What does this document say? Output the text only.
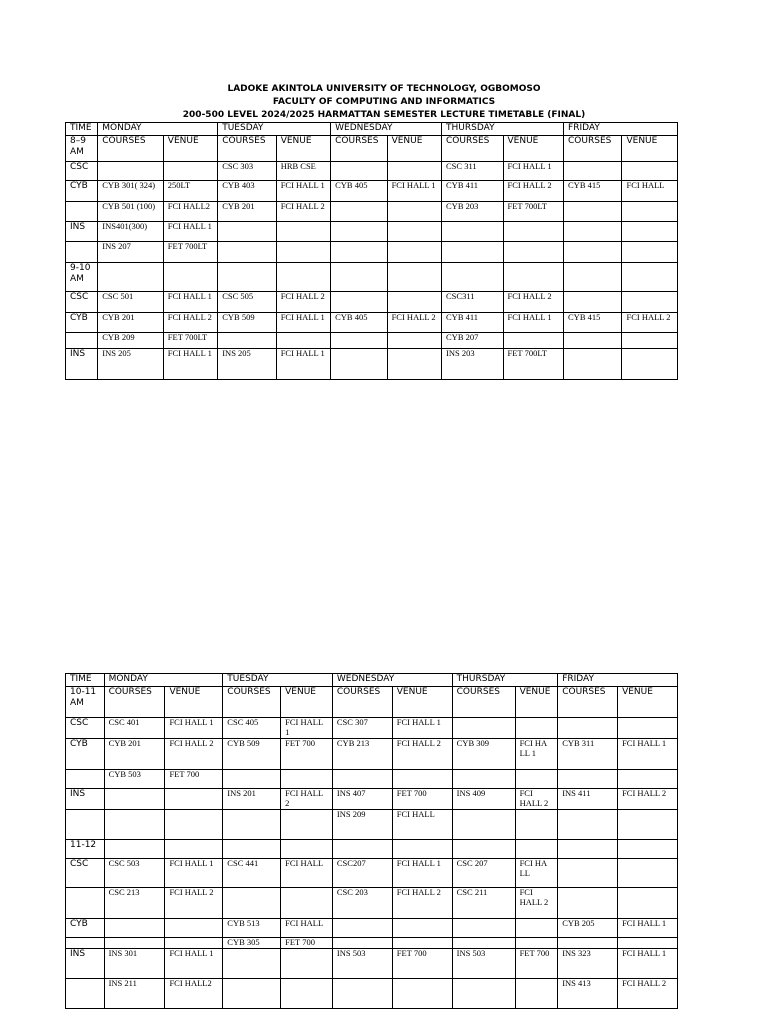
LADOKE AKINTOLA UNIVERSITY OF TECHNOLOGY, OGBOMOSO
FACULTY OF COMPUTING AND INFORMATICS
200-500 LEVEL 2024/2025 HARMATTAN SEMESTER LECTURE TIMETABLE (FINAL)
TIME	MONDAY		TUESDAY		WEDNESDAY		THURSDAY		FRIDAY	
8–9 AM	COURSES	VENUE	COURSES	VENUE	COURSES	VENUE	COURSES	VENUE	COURSES	VENUE
CSC			CSC 303	HRB CSE			CSC 311	FCI HALL 1		
CYB	CYB 301( 324)	250LT	CYB 403	FCI HALL 1	CYB 405	FCI HALL 1	CYB 411	FCI HALL 2	CYB 415	FCI HALL
	CYB 501 (100)	FCI HALL2	CYB 201	FCI HALL 2			CYB 203	FET 700LT		
INS	INS401(300)	FCI HALL 1								
	INS 207	FET 700LT								
9-10 AM										
CSC	CSC 501	FCI HALL 1	CSC 505	FCI HALL 2			CSC311	FCI HALL 2		
CYB	CYB 201	FCI HALL 2	CYB 509	FCI HALL 1	CYB 405	FCI HALL 2	CYB 411	FCI HALL 1	CYB 415	FCI HALL 2
	CYB 209	FET 700LT					CYB 207			
INS	INS 205	FCI HALL 1	INS 205	FCI HALL 1			INS 203	FET 700LT		
TIME	MONDAY		TUESDAY		WEDNESDAY		THURSDAY		FRIDAY	
10-11 AM	COURSES	VENUE	COURSES	VENUE	COURSES	VENUE	COURSES	VENUE	COURSES	VENUE
CSC	CSC 401	FCI HALL 1	CSC 405	FCI HALL 1	CSC 307	FCI HALL 1				
CYB	CYB 201	FCI HALL 2	CYB 509	FET 700	CYB 213	FCI HALL 2	CYB 309	FCI HA LL 1	CYB 311	FCI HALL 1
	CYB 503	FET 700								
INS			INS 201	FCI HALL 2	INS 407	FET 700	INS 409	FCI HALL 2	INS 411	FCI HALL 2
					INS 209	FCI HALL				
11-12										
CSC	CSC 503	FCI HALL 1	CSC 441	FCI HALL	CSC207	FCI HALL 1	CSC 207	FCI HA LL		
	CSC 213	FCI HALL 2			CSC 203	FCI HALL 2	CSC 211	FCI HALL 2		
CYB			CYB 513	FCI HALL					CYB 205	FCI HALL 1
			CYB 305	FET 700						
INS	INS 301	FCI HALL 1			INS 503	FET 700	INS 503	FET 700	INS 323	FCI HALL 1
	INS 211	FCI HALL2							INS 413	FCI HALL 2
